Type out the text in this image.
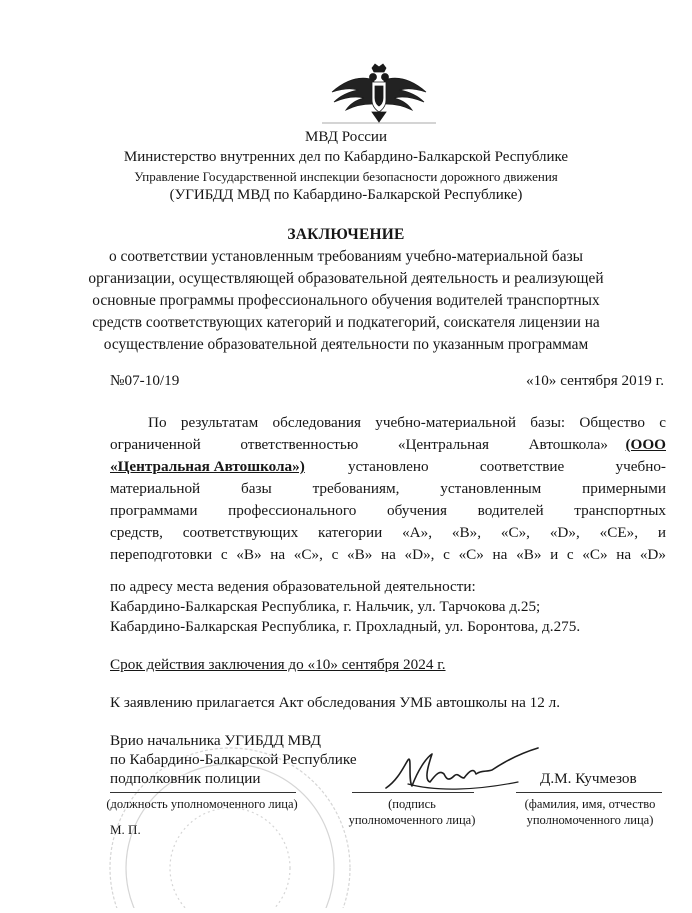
МВД России
Министерство внутренних дел по Кабардино-Балкарской Республике
Управление Государственной инспекции безопасности дорожного движения
(УГИБДД МВД по Кабардино-Балкарской Республике)
ЗАКЛЮЧЕНИЕ
о соответствии установленным требованиям учебно-материальной базы
организации, осуществляющей образовательной деятельность и реализующей
основные программы профессионального обучения водителей транспортных
средств соответствующих категорий и подкатегорий, соискателя лицензии на
осуществление образовательной деятельности по указанным программам
№07-10/19	«10» сентября 2019 г.
По результатам обследования учебно-материальной базы: Общество с
ограниченной ответственностью «Центральная Автошкола» (ООО
«Центральная Автошкола»)	установлено соответствие учебно-
материальной базы требованиям, установленным примерными
программами профессионального обучения водителей транспортных
средств, соответствующих категории «А», «В», «С», «D», «CE», и
переподготовки с «В» на «С», с «В» на «D», с «С» на «В» и с «С» на «D»
по адресу места ведения образовательной деятельности:
Кабардино-Балкарская Республика, г. Нальчик, ул. Тарчокова д.25;
Кабардино-Балкарская Республика, г. Прохладный, ул. Боронтова, д.275.
Срок действия заключения до «10» сентября 2024 г.
К заявлению прилагается Акт обследования УМБ автошколы на 12 л.
Врио начальника УГИБДД МВД
по Кабардино-Балкарской Республике
подполковник полиции	Д.М. Кучмезов
(должность уполномоченного лица)	(подпись
уполномоченного лица)
(фамилия, имя, отчество
уполномоченного лица)
М. П.
